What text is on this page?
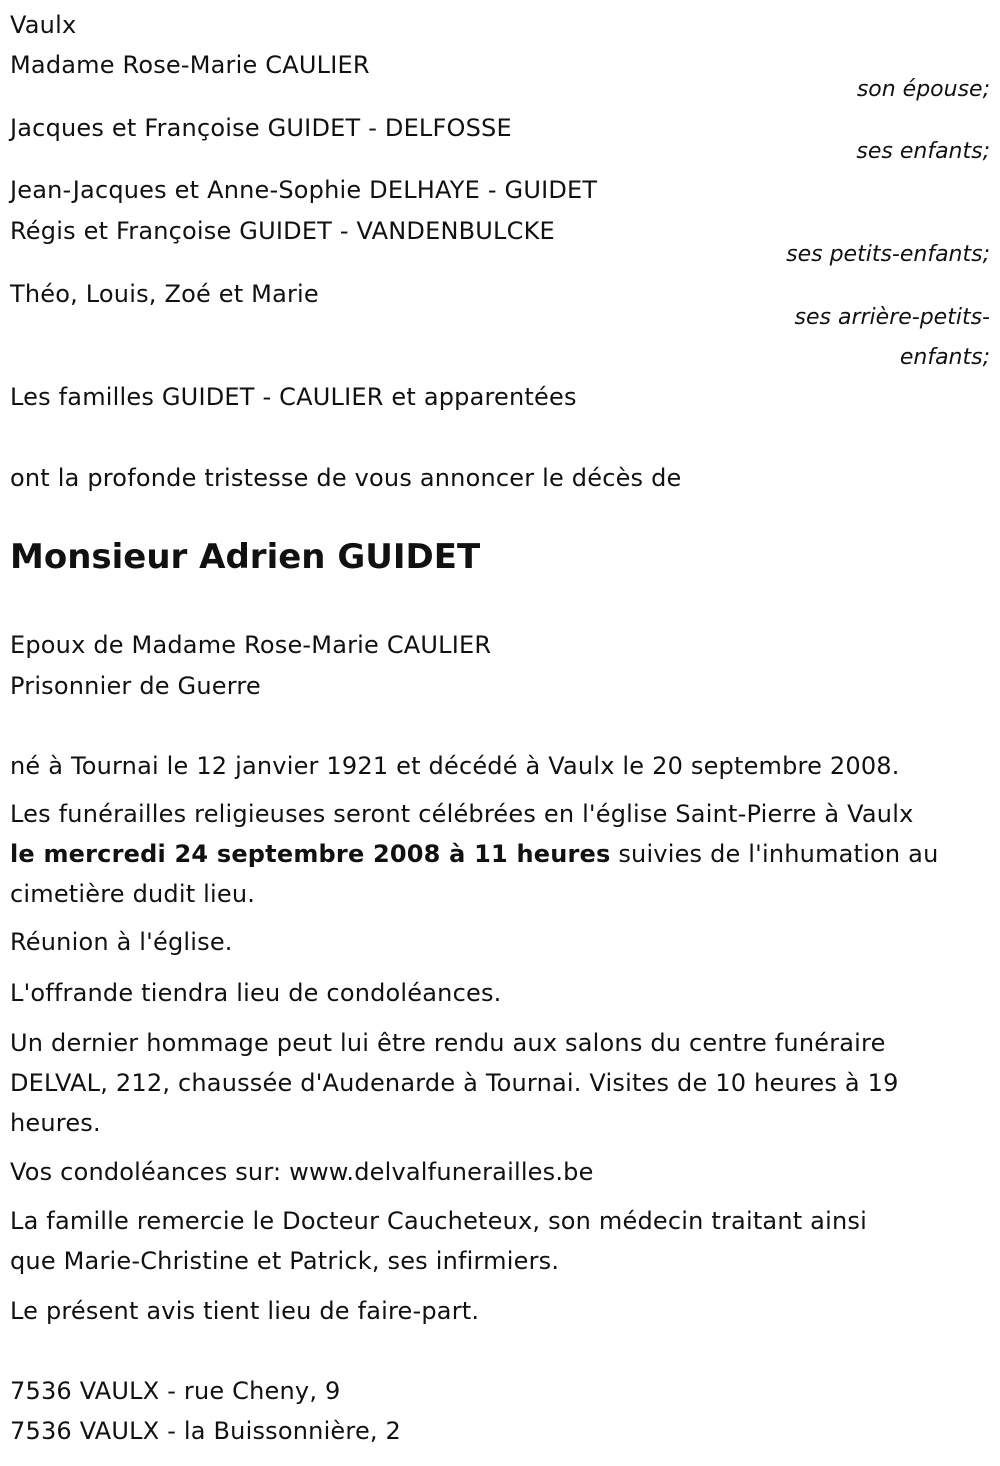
Vaulx
Madame Rose-Marie CAULIER
son épouse;
Jacques et Françoise GUIDET - DELFOSSE
ses enfants;
Jean-Jacques et Anne-Sophie DELHAYE - GUIDET
Régis et Françoise GUIDET - VANDENBULCKE
ses petits-enfants;
Théo, Louis, Zoé et Marie
ses arrière-petits-
enfants;
Les familles GUIDET - CAULIER et apparentées
ont la profonde tristesse de vous annoncer le décès de
Monsieur Adrien GUIDET
Epoux de Madame Rose-Marie CAULIER
Prisonnier de Guerre
né à Tournai le 12 janvier 1921 et décédé à Vaulx le 20 septembre 2008.
Les funérailles religieuses seront célébrées en l'église Saint-Pierre à Vaulx
le mercredi 24 septembre 2008 à 11 heures suivies de l'inhumation au
cimetière dudit lieu.
Réunion à l'église.
L'offrande tiendra lieu de condoléances.
Un dernier hommage peut lui être rendu aux salons du centre funéraire
DELVAL, 212, chaussée d'Audenarde à Tournai. Visites de 10 heures à 19
heures.
Vos condoléances sur: www.delvalfunerailles.be
La famille remercie le Docteur Caucheteux, son médecin traitant ainsi
que Marie-Christine et Patrick, ses infirmiers.
Le présent avis tient lieu de faire-part.
7536 VAULX - rue Cheny, 9
7536 VAULX - la Buissonnière, 2
